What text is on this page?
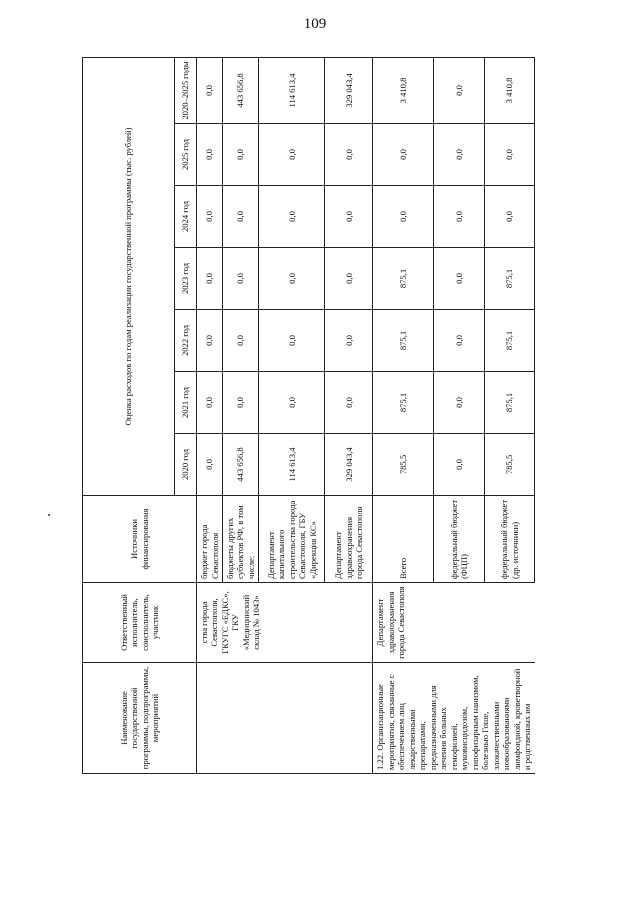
109
Наименование государственной программы, подпрограммы, мероприятий	Ответственный исполнитель, соисполнитель, участник	Источники финансирования	Оценка расходов по годам реализации государственной программы (тыс. рублей)						
			2020 год	2021 год	2022 год	2023 год	2024 год	2025 год	2020–2025 годы
	ства города Севастополя, ГКУГС «ЕДКС», ГКУ «Медицинский склад № 1043»	бюджет города Севастополя	0,0	0,0	0,0	0,0	0,0	0,0	0,0
		бюджеты других субъектов РФ, в том числе:	443 656,8	0,0	0,0	0,0	0,0	0,0	443 656,8
		Департамент капитального строительства города Севастополя, ГБУ «Дирекция КС»	114 613,4	0,0	0,0	0,0	0,0	0,0	114 613,4
		Департамент здравоохранения города Севастополя	329 043,4	0,0	0,0	0,0	0,0	0,0	329 043,4
1.22. Организационные мероприятия, связанные с обеспечением лиц лекарственными препаратами, предназначенными для лечения больных гемофилией, муковисцидозом, гипофизарным нанизмом, болезнью Гоше, злокачественными новообразованиями лимфоидной, кроветворной и родственных им	Департамент здравоохранения города Севастополя	Всего	785,5	875,1	875,1	875,1	0,0	0,0	3 410,8
		федеральный бюджет (ФЦП)	0,0	0,0	0,0	0,0	0,0	0,0	0,0
		федеральный бюджет (др. источники)	785,5	875,1	875,1	875,1	0,0	0,0	3 410,8
